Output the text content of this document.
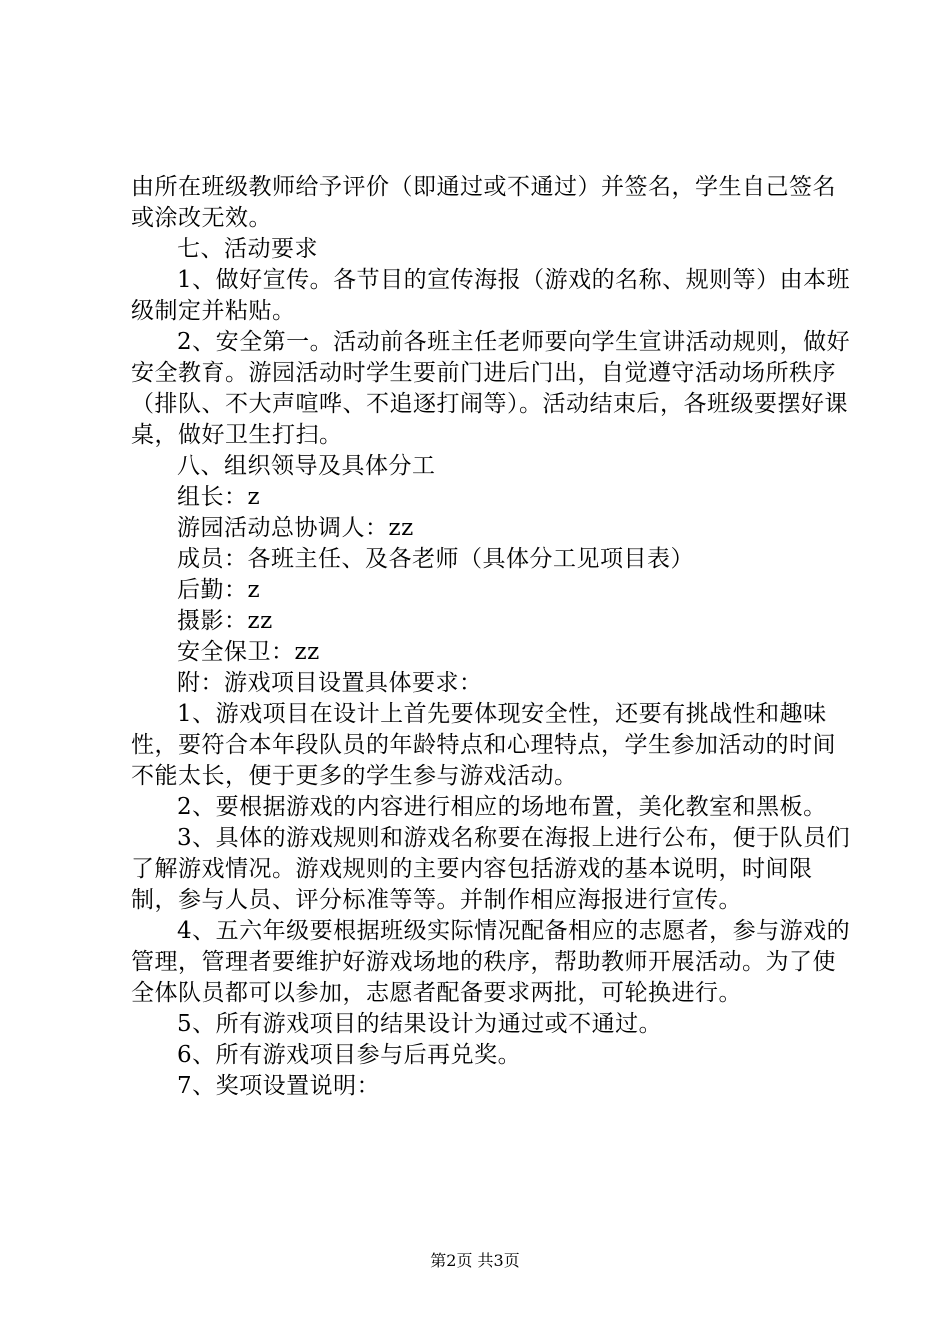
由所在班级教师给予评价（即通过或不通过）并签名，学生自己签名或涂改无效。

七、活动要求

1、做好宣传。各节目的宣传海报（游戏的名称、规则等）由本班级制定并粘贴。

2、安全第一。活动前各班主任老师要向学生宣讲活动规则，做好安全教育。游园活动时学生要前门进后门出，自觉遵守活动场所秩序（排队、不大声喧哗、不追逐打闹等）。活动结束后，各班级要摆好课桌，做好卫生打扫。

八、组织领导及具体分工

组长：z

游园活动总协调人：zz

成员：各班主任、及各老师（具体分工见项目表）

后勤：z

摄影：zz

安全保卫：zz

附：游戏项目设置具体要求：

1、游戏项目在设计上首先要体现安全性，还要有挑战性和趣味性，要符合本年段队员的年龄特点和心理特点，学生参加活动的时间不能太长，便于更多的学生参与游戏活动。

2、要根据游戏的内容进行相应的场地布置，美化教室和黑板。

3、具体的游戏规则和游戏名称要在海报上进行公布，便于队员们了解游戏情况。游戏规则的主要内容包括游戏的基本说明，时间限制，参与人员、评分标准等等。并制作相应海报进行宣传。

4、五六年级要根据班级实际情况配备相应的志愿者，参与游戏的管理，管理者要维护好游戏场地的秩序，帮助教师开展活动。为了使全体队员都可以参加，志愿者配备要求两批，可轮换进行。

5、所有游戏项目的结果设计为通过或不通过。

6、所有游戏项目参与后再兑奖。

7、奖项设置说明：

第2页 共3页
